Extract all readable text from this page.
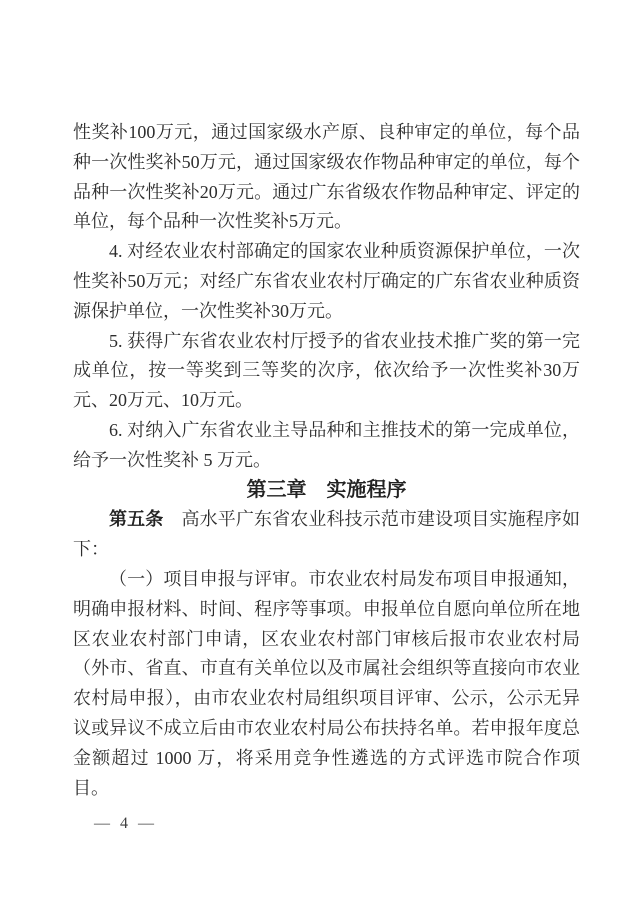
性奖补100万元，通过国家级水产原、良种审定的单位，每个品种一次性奖补50万元，通过国家级农作物品种审定的单位，每个品种一次性奖补20万元。通过广东省级农作物品种审定、评定的单位，每个品种一次性奖补5万元。

4. 对经农业农村部确定的国家农业种质资源保护单位，一次性奖补50万元；对经广东省农业农村厅确定的广东省农业种质资源保护单位，一次性奖补30万元。

5. 获得广东省农业农村厅授予的省农业技术推广奖的第一完成单位，按一等奖到三等奖的次序，依次给予一次性奖补30万元、20万元、10万元。

6. 对纳入广东省农业主导品种和主推技术的第一完成单位，给予一次性奖补 5 万元。

第三章　实施程序

第五条　高水平广东省农业科技示范市建设项目实施程序如下：

（一）项目申报与评审。市农业农村局发布项目申报通知，明确申报材料、时间、程序等事项。申报单位自愿向单位所在地区农业农村部门申请，区农业农村部门审核后报市农业农村局（外市、省直、市直有关单位以及市属社会组织等直接向市农业农村局申报），由市农业农村局组织项目评审、公示，公示无异议或异议不成立后由市农业农村局公布扶持名单。若申报年度总金额超过 1000 万，将采用竞争性遴选的方式评选市院合作项目。

— 4 —
